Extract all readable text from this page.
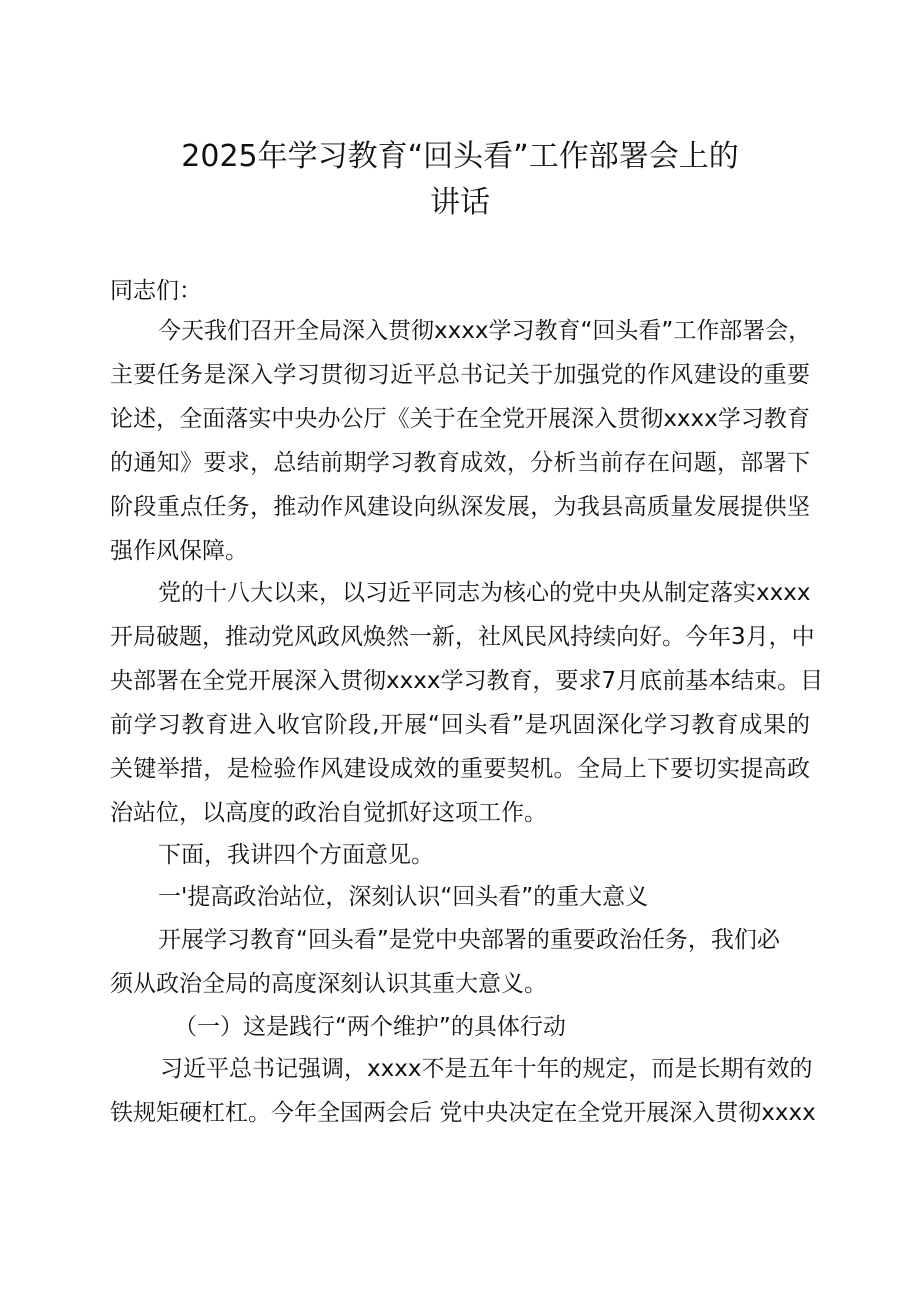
2025年学习教育“回头看”工作部署会上的
讲话
同志们：
今天我们召开全局深入贯彻xxxx学习教育“回头看”工作部署会，
主要任务是深入学习贯彻习近平总书记关于加强党的作风建设的重要
论述，全面落实中央办公厅《关于在全党开展深入贯彻xxxx学习教育
的通知》要求，总结前期学习教育成效，分析当前存在问题，部署下
阶段重点任务，推动作风建设向纵深发展，为我县高质量发展提供坚
强作风保障。
党的十八大以来，以习近平同志为核心的党中央从制定落实xxxx
开局破题，推动党风政风焕然一新，社风民风持续向好。今年3月，中
央部署在全党开展深入贯彻xxxx学习教育，要求7月底前基本结束。目
前学习教育进入收官阶段,开展“回头看”是巩固深化学习教育成果的
关键举措，是检验作风建设成效的重要契机。全局上下要切实提高政
治站位，以高度的政治自觉抓好这项工作。
下面，我讲四个方面意见。
一'提高政治站位，深刻认识“回头看”的重大意义
开展学习教育“回头看”是党中央部署的重要政治任务，我们必
须从政治全局的高度深刻认识其重大意义。
（一）这是践行“两个维护”的具体行动
习近平总书记强调，xxxx不是五年十年的规定，而是长期有效的
铁规矩硬杠杠。今年全国两会后 党中央决定在全党开展深入贯彻xxxx
